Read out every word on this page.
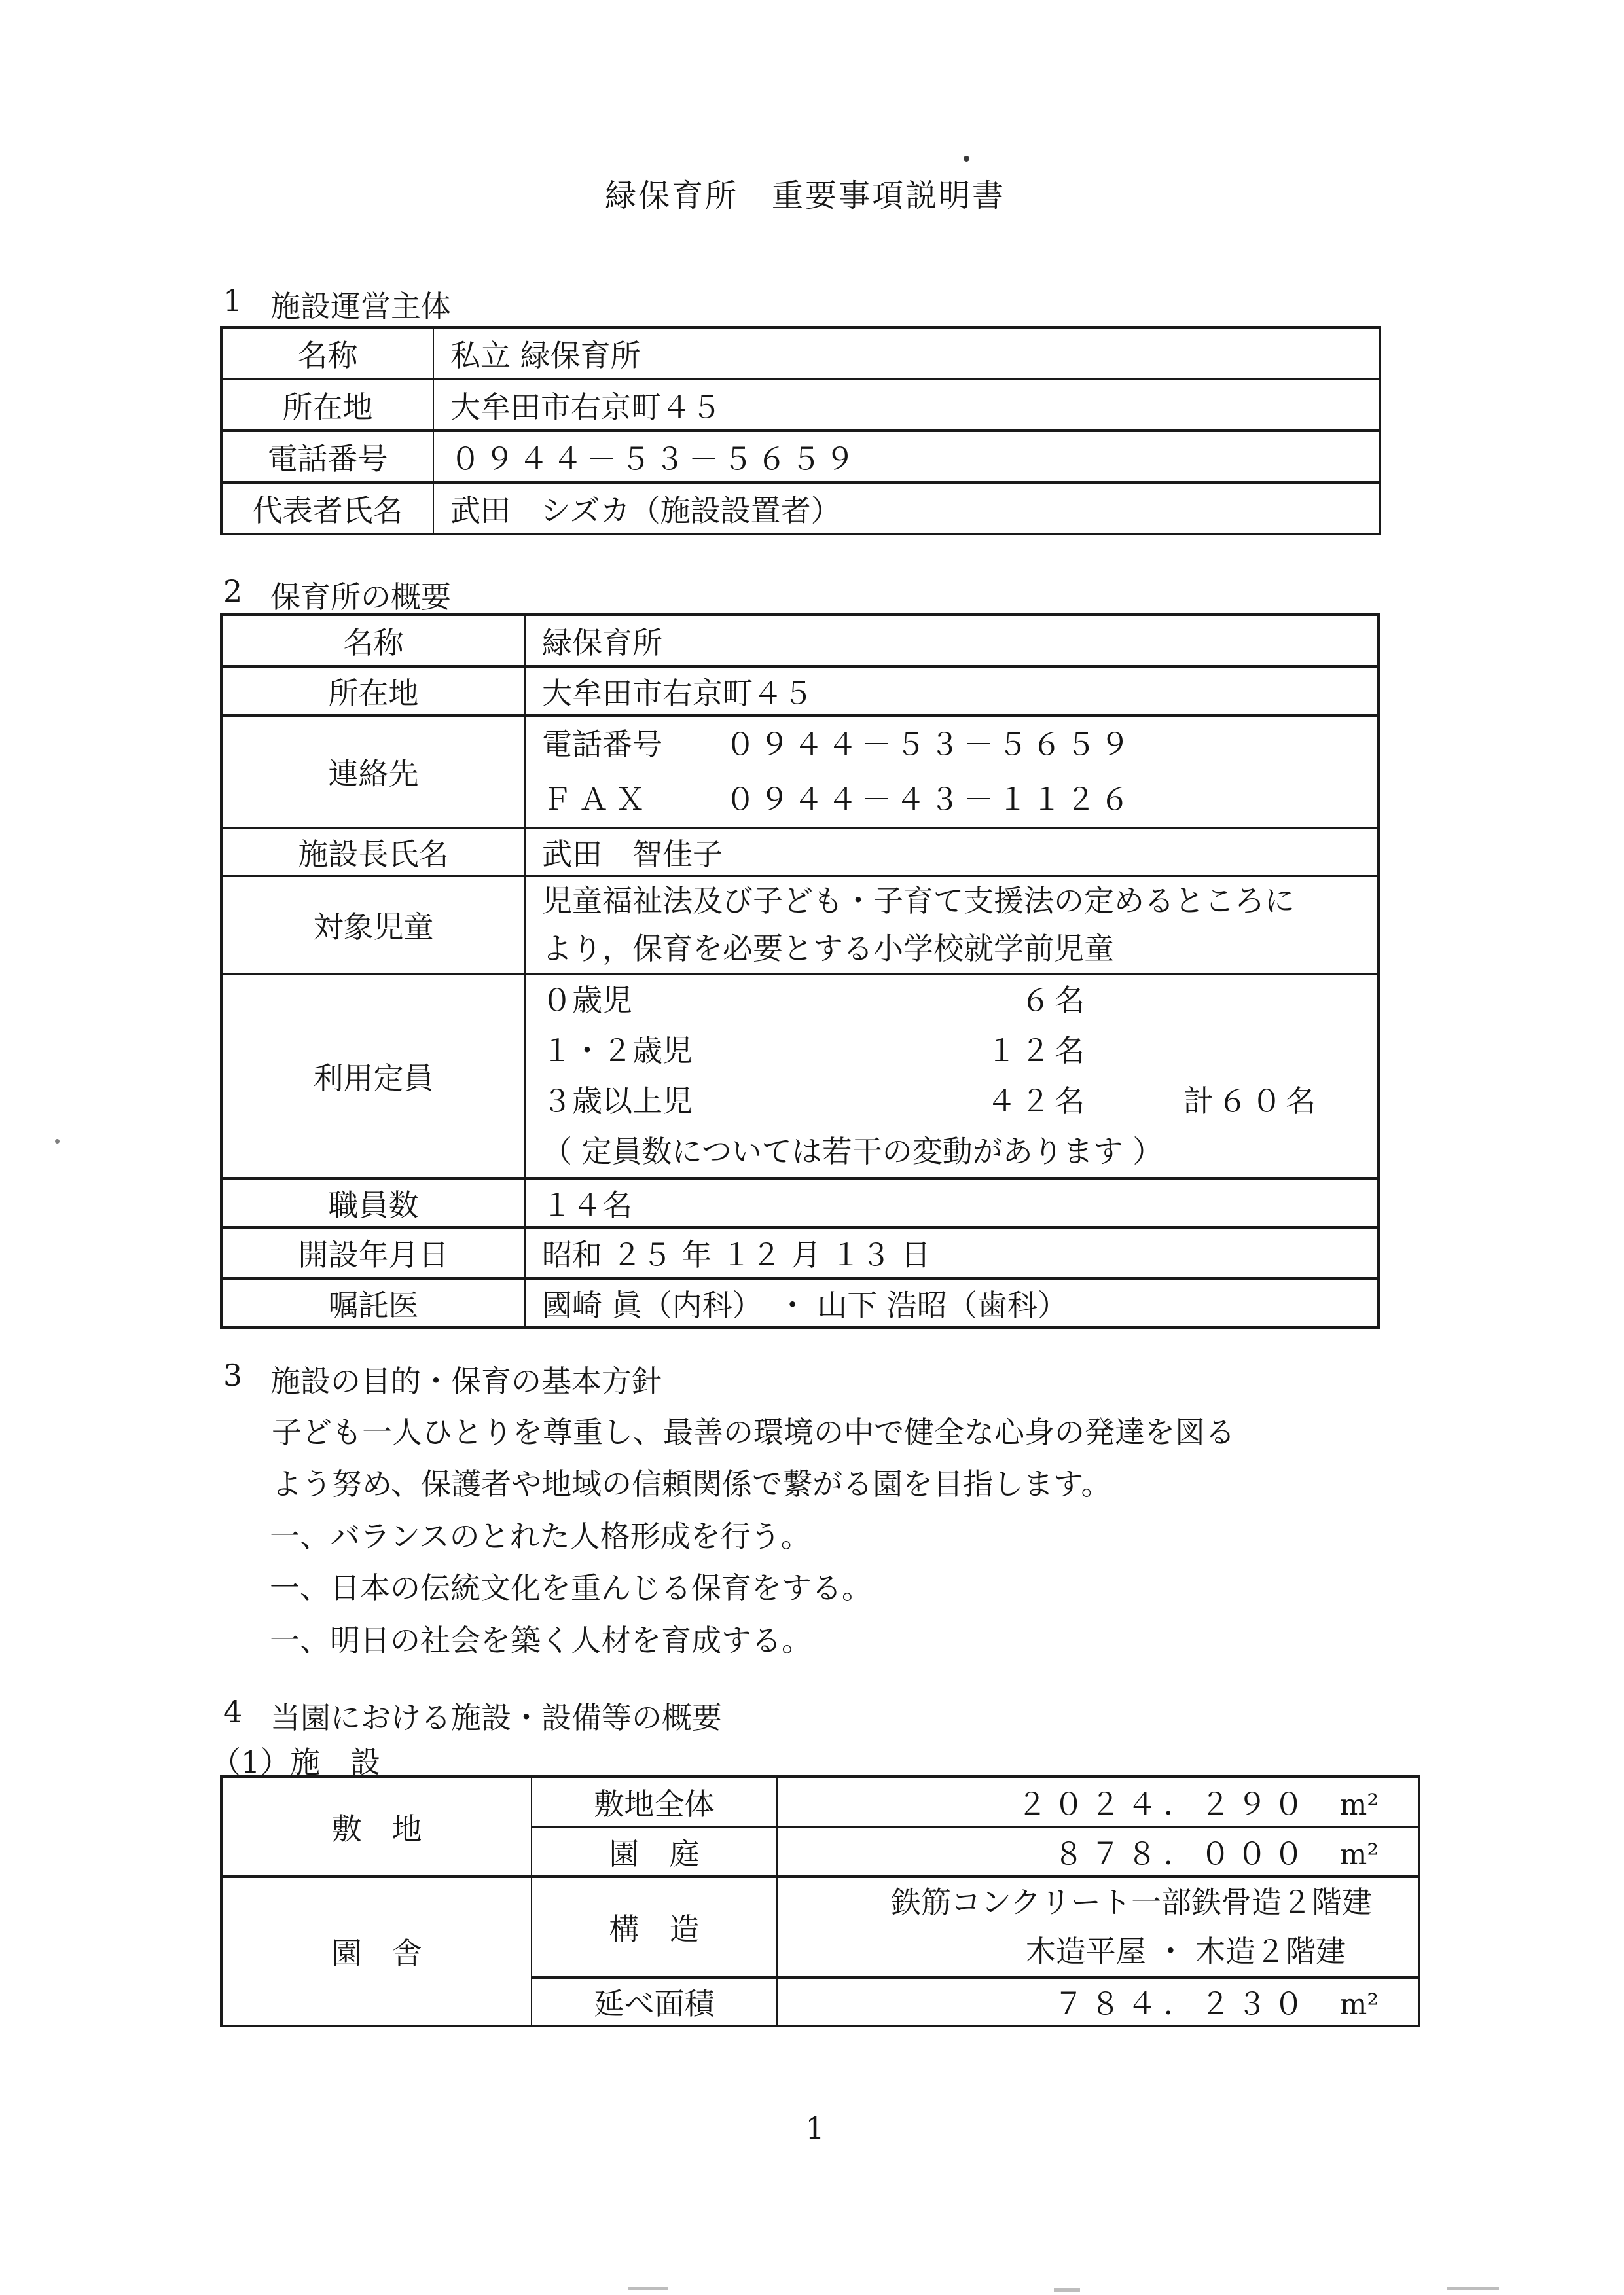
緑保育所　重要事項説明書
1 施設運営主体
名称	私立 緑保育所
所在地	大牟田市右京町４５
電話番号	０９４４－５３－５６５９
代表者氏名	武田　シズカ（施設設置者）
2 保育所の概要
名称	緑保育所
所在地	大牟田市右京町４５
連絡先	電話番号 ０９４４－５３－５６５９
ＦＡＸ ０９４４－４３－１１２６

施設長氏名	武田　智佳子
対象児童	児童福祉法及び子ども・子育て支援法の定めるところに
より，保育を必要とする小学校就学前児童

利用定員	
０歳児	６名
１・２歳児	１２名
３歳以上児	４２名	計６０名
（ 定員数については若干の変動があります ）

職員数	１４名
開設年月日	昭和 ２５ 年 １２ 月 １３ 日
嘱託医	國崎 眞（内科）　・ 山下 浩昭（歯科）
3 施設の目的・保育の基本方針
子ども一人ひとりを尊重し、最善の環境の中で健全な心身の発達を図る
よう努め、保護者や地域の信頼関係で繋がる園を目指します。
一、バランスのとれた人格形成を行う。
一、日本の伝統文化を重んじる保育をする。
一、明日の社会を築く人材を育成する。
4 当園における施設・設備等の概要
（1）施　設
敷　地	敷地全体	２０２４．２９０ m²
	園　庭	８７８．０００ m²
園　舎	構　造	鉄筋コンクリート一部鉄骨造２階建
木造平屋 ・ 木造２階建

	延べ面積	７８４．２３０ m²
1
